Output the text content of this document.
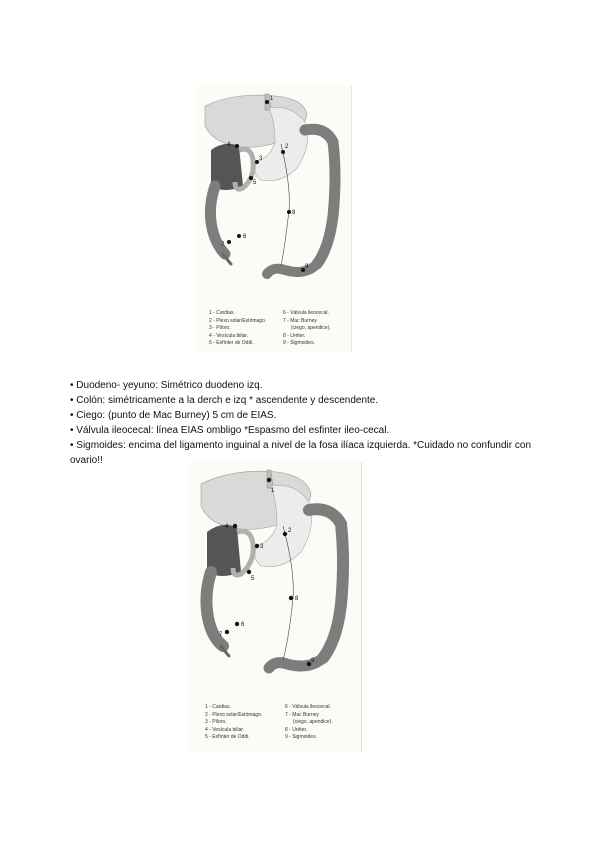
1
2
3
4
5
6
7
8
9
1 - Cardias.
2 - Plexo solar/Estómago.
3 - Píloro.
4 - Vesícula biliar.
5 - Esfínter de Oddi.
6 - Válvula ileocecal.
7 - Mac Burney
(ciego, apendice).
8 - Uréter.
9 - Sigmoides.
• Duodeno- yeyuno: Simétrico duodeno izq.
• Colón: simétricamente a la derch e izq * ascendente y descendente.
• Ciego: (punto de Mac Burney) 5 cm de EIAS.
• Válvula ileocecal: línea EIAS ombligo *Espasmo del esfinter ileo-cecal.
• Sigmoides: encima del ligamento inguinal a nivel de la fosa ilíaca izquierda. *Cuidado no confundir con ovario!!
1
2
3
4
5
6
7
8
9
1 - Cardias.
2 - Plexo solar/Estómago.
3 - Píloro.
4 - Vesícula biliar.
5 - Esfínter de Oddi.
6 - Válvula ileocecal.
7 - Mac Burney
(ciego, apendice).
8 - Uréter.
9 - Sigmoides.
